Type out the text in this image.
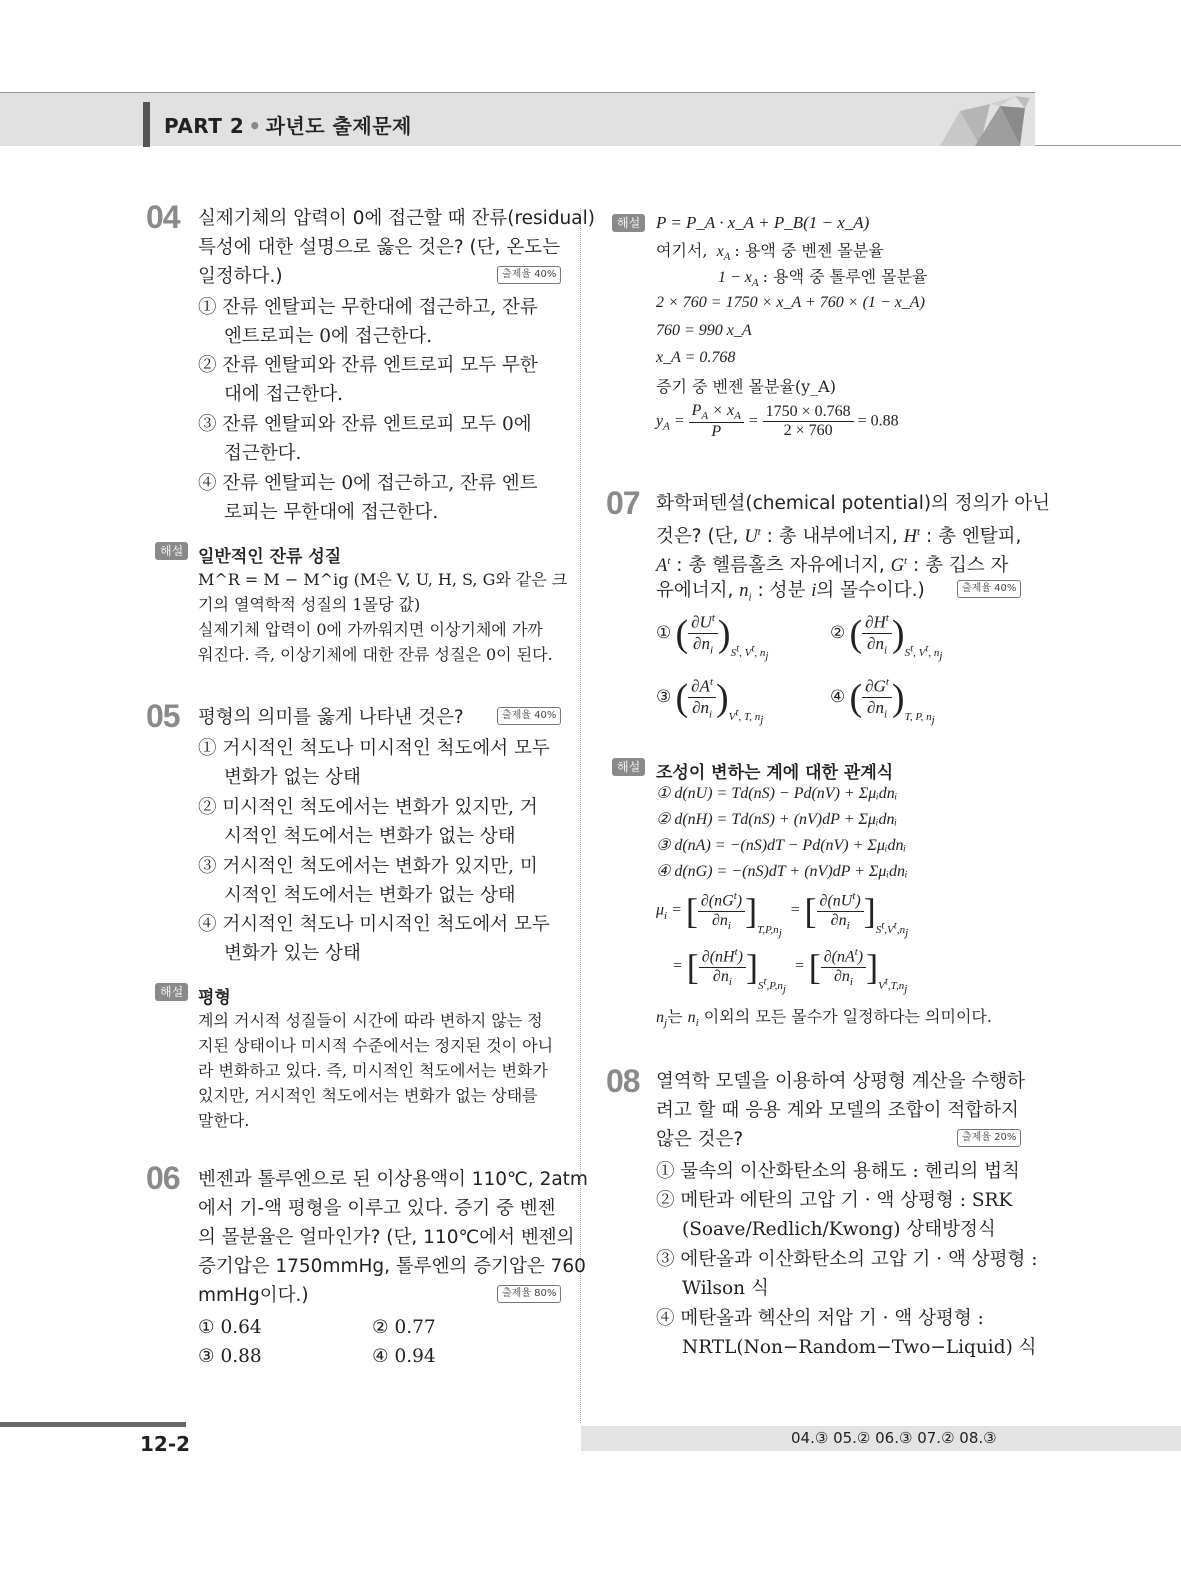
PART 2 • 과년도 출제문제
04 실제기체의 압력이 0에 접근할 때 잔류(residual)
특성에 대한 설명으로 옳은 것은? (단, 온도는
일정하다.)	출제율 40%
① 잔류 엔탈피는 무한대에 접근하고, 잔류
엔트로피는 0에 접근한다.
② 잔류 엔탈피와 잔류 엔트로피 모두 무한
대에 접근한다.
③ 잔류 엔탈피와 잔류 엔트로피 모두 0에
접근한다.
④ 잔류 엔탈피는 0에 접근하고, 잔류 엔트
로피는 무한대에 접근한다.
해설 일반적인 잔류 성질
M^R = M − M^ig (M은 V, U, H, S, G와 같은 크
기의 열역학적 성질의 1몰당 값)
실제기체 압력이 0에 가까워지면 이상기체에 가까
워진다. 즉, 이상기체에 대한 잔류 성질은 0이 된다.
05 평형의 의미를 옳게 나타낸 것은?	출제율 40%
① 거시적인 척도나 미시적인 척도에서 모두
변화가 없는 상태
② 미시적인 척도에서는 변화가 있지만, 거
시적인 척도에서는 변화가 없는 상태
③ 거시적인 척도에서는 변화가 있지만, 미
시적인 척도에서는 변화가 없는 상태
④ 거시적인 척도나 미시적인 척도에서 모두
변화가 있는 상태
해설 평형
계의 거시적 성질들이 시간에 따라 변하지 않는 정
지된 상태이나 미시적 수준에서는 정지된 것이 아니
라 변화하고 있다. 즉, 미시적인 척도에서는 변화가
있지만, 거시적인 척도에서는 변화가 없는 상태를
말한다.
06 벤젠과 톨루엔으로 된 이상용액이 110℃, 2atm
에서 기-액 평형을 이루고 있다. 증기 중 벤젠
의 몰분율은 얼마인가? (단, 110℃에서 벤젠의
증기압은 1750mmHg, 톨루엔의 증기압은 760
mmHg이다.)	출제율 80%
① 0.64	② 0.77
③ 0.88	④ 0.94
해설 P = P_A · x_A + P_B(1 − x_A)
여기서,  $x_A$ : 용액 중 벤젠 몰분율
$1 - x_A$ : 용액 중 톨루엔 몰분율
2 × 760 = 1750 × x_A + 760 × (1 − x_A)
760 = 990 x_A
x_A = 0.768
증기 중 벤젠 몰분율(y_A)
$y_A = \frac{P_A \times x_A}{P} = \frac{1750 \times 0.768}{2 \times 760} = 0.88$
07 화학퍼텐셜(chemical potential)의 정의가 아닌
것은? (단, $U^t$ : 총 내부에너지, $H^t$ : 총 엔탈피,
$A^t$ : 총 헬름홀츠 자유에너지, $G^t$ : 총 깁스 자
유에너지, $n_i$ : 성분 i의 몰수이다.)	출제율 40%
① ( $\frac{\partial U^t}{\partial n_i} )_{S^t, V^t, n_j}$
② ( $\frac{\partial H^t}{\partial n_i} )_{S^t, V^t, n_j}$
③ ( $\frac{\partial A^t}{\partial n_i} )_{V^t, T, n_j}$
④ ( $\frac{\partial G^t}{\partial n_i} )_{T, P, n_j}$
해설 조성이 변하는 계에 대한 관계식
① d(nU) = Td(nS) − Pd(nV) + Σμᵢdnᵢ
② d(nH) = Td(nS) + (nV)dP + Σμᵢdnᵢ
③ d(nA) = −(nS)dT − Pd(nV) + Σμᵢdnᵢ
④ d(nG) = −(nS)dT + (nV)dP + Σμᵢdnᵢ
$\mu_i$ = [ $\frac{\partial(nG^t)}{\partial n_i} ]_{T,P,n_j}$  = [ $\frac{\partial(nU^t)}{\partial n_i} ]_{S^t,V^t,n_j}$
= [ $\frac{\partial(nH^t)}{\partial n_i} ]_{S^t,P,n_j}$  = [ $\frac{\partial(nA^t)}{\partial n_i} ]_{V^t,T,n_j}$
$n_j$는 $n_i$ 이외의 모든 몰수가 일정하다는 의미이다.
08 열역학 모델을 이용하여 상평형 계산을 수행하
려고 할 때 응용 계와 모델의 조합이 적합하지
않은 것은?	출제율 20%
① 물속의 이산화탄소의 용해도 : 헨리의 법칙
② 메탄과 에탄의 고압 기 · 액 상평형 : SRK
(Soave/Redlich/Kwong) 상태방정식
③ 에탄올과 이산화탄소의 고압 기 · 액 상평형 :
Wilson 식
④ 메탄올과 헥산의 저압 기 · 액 상평형 :
NRTL(Non−Random−Two−Liquid) 식
12-2	04.③ 05.② 06.③ 07.② 08.③
